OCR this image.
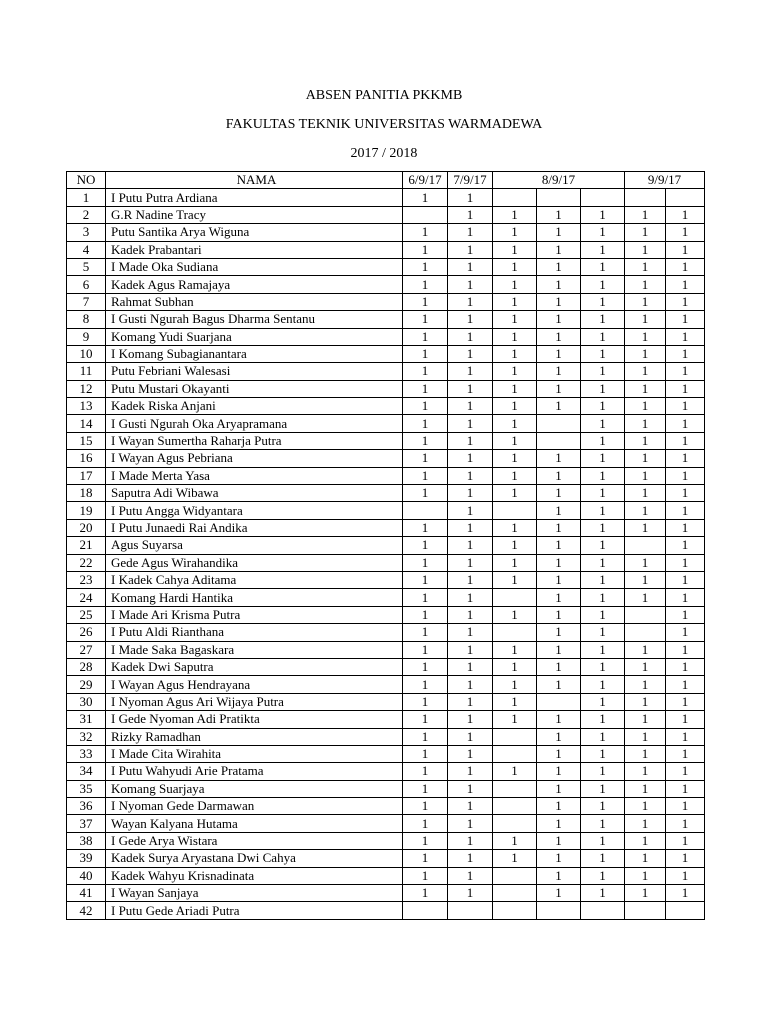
ABSEN PANITIA PKKMB
FAKULTAS TEKNIK UNIVERSITAS WARMADEWA
2017 / 2018
NO	NAMA	6/9/17	7/9/17	8/9/17			9/9/17	
1	I Putu Putra Ardiana	1	1					
2	G.R Nadine Tracy		1	1	1	1	1	1
3	Putu Santika Arya Wiguna	1	1	1	1	1	1	1
4	Kadek Prabantari	1	1	1	1	1	1	1
5	I Made Oka Sudiana	1	1	1	1	1	1	1
6	Kadek Agus Ramajaya	1	1	1	1	1	1	1
7	Rahmat Subhan	1	1	1	1	1	1	1
8	I Gusti Ngurah Bagus Dharma Sentanu	1	1	1	1	1	1	1
9	Komang Yudi Suarjana	1	1	1	1	1	1	1
10	I Komang Subagianantara	1	1	1	1	1	1	1
11	Putu Febriani Walesasi	1	1	1	1	1	1	1
12	Putu Mustari Okayanti	1	1	1	1	1	1	1
13	Kadek Riska Anjani	1	1	1	1	1	1	1
14	I Gusti Ngurah Oka Aryapramana	1	1	1		1	1	1
15	I Wayan Sumertha Raharja Putra	1	1	1		1	1	1
16	I Wayan Agus Pebriana	1	1	1	1	1	1	1
17	I Made Merta Yasa	1	1	1	1	1	1	1
18	Saputra Adi Wibawa	1	1	1	1	1	1	1
19	I Putu Angga Widyantara		1		1	1	1	1
20	I Putu Junaedi Rai Andika	1	1	1	1	1	1	1
21	Agus Suyarsa	1	1	1	1	1		1
22	Gede Agus Wirahandika	1	1	1	1	1	1	1
23	I Kadek Cahya Aditama	1	1	1	1	1	1	1
24	Komang Hardi Hantika	1	1		1	1	1	1
25	I Made Ari Krisma Putra	1	1	1	1	1		1
26	I Putu Aldi Rianthana	1	1		1	1		1
27	I Made Saka Bagaskara	1	1	1	1	1	1	1
28	Kadek Dwi Saputra	1	1	1	1	1	1	1
29	I Wayan Agus Hendrayana	1	1	1	1	1	1	1
30	I Nyoman Agus Ari Wijaya Putra	1	1	1		1	1	1
31	I Gede Nyoman Adi Pratikta	1	1	1	1	1	1	1
32	Rizky Ramadhan	1	1		1	1	1	1
33	I Made Cita Wirahita	1	1		1	1	1	1
34	I Putu Wahyudi Arie Pratama	1	1	1	1	1	1	1
35	Komang Suarjaya	1	1		1	1	1	1
36	I Nyoman Gede Darmawan	1	1		1	1	1	1
37	Wayan Kalyana Hutama	1	1		1	1	1	1
38	I Gede Arya Wistara	1	1	1	1	1	1	1
39	Kadek Surya Aryastana Dwi Cahya	1	1	1	1	1	1	1
40	Kadek Wahyu Krisnadinata	1	1		1	1	1	1
41	I Wayan Sanjaya	1	1		1	1	1	1
42	I Putu Gede Ariadi Putra							
